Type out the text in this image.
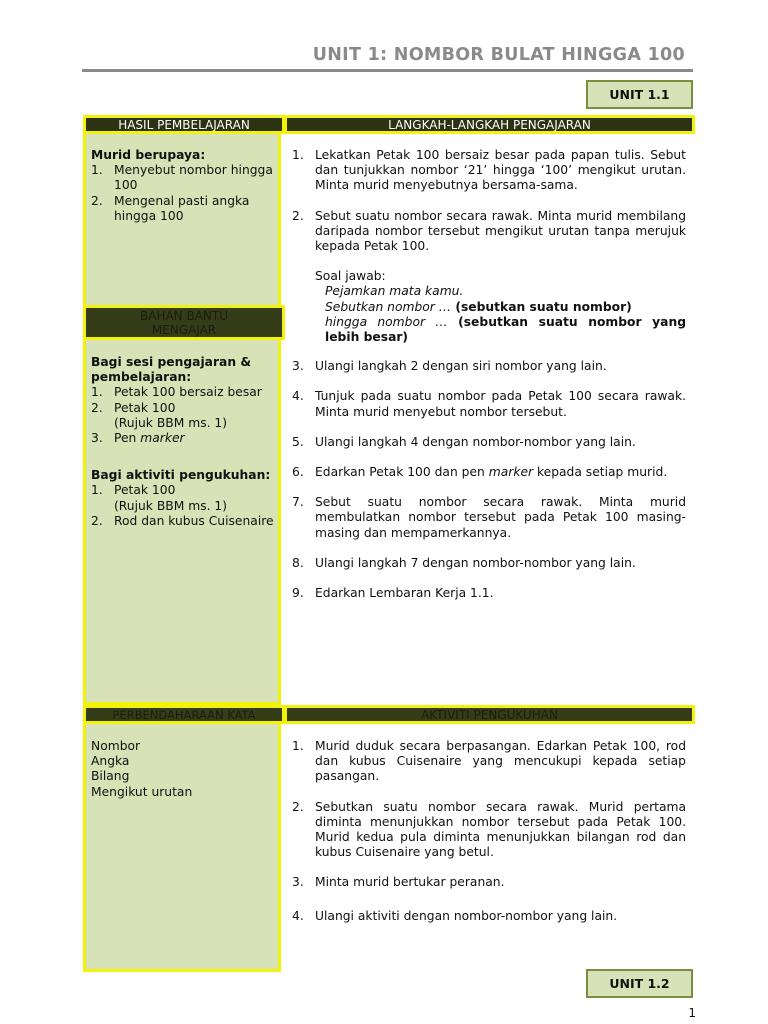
UNIT 1: NOMBOR BULAT HINGGA 100
UNIT 1.1
HASIL PEMBELAJARAN	LANGKAH-LANGKAH PENGAJARAN
Murid berupaya:
1. Menyebut nombor hingga 100
2. Mengenal pasti angka hingga 100
BAHAN BANTU MENGAJAR
Bagi sesi pengajaran & pembelajaran:
1. Petak 100 bersaiz besar
2. Petak 100
(Rujuk BBM ms. 1)
3. Pen marker
Bagi aktiviti pengukuhan:
1. Petak 100
(Rujuk BBM ms. 1)
2. Rod dan kubus Cuisenaire
1. Lekatkan Petak 100 bersaiz besar pada papan tulis. Sebut dan tunjukkan nombor ‘21’ hingga ‘100’ mengikut urutan. Minta murid menyebutnya bersama-sama.
2. Sebut suatu nombor secara rawak. Minta murid membilang daripada nombor tersebut mengikut urutan tanpa merujuk kepada Petak 100.
Soal jawab:
Pejamkan mata kamu.
Sebutkan nombor … (sebutkan suatu nombor)
hingga nombor … (sebutkan suatu nombor yang lebih besar)
3. Ulangi langkah 2 dengan siri nombor yang lain.
4. Tunjuk pada suatu nombor pada Petak 100 secara rawak. Minta murid menyebut nombor tersebut.
5. Ulangi langkah 4 dengan nombor-nombor yang lain.
6. Edarkan Petak 100 dan pen marker kepada setiap murid.
7. Sebut suatu nombor secara rawak. Minta murid membulatkan nombor tersebut pada Petak 100 masing-masing dan mempamerkannya.
8. Ulangi langkah 7 dengan nombor-nombor yang lain.
9. Edarkan Lembaran Kerja 1.1.
PERBENDAHARAAN KATA	AKTIVITI PENGUKUHAN
Nombor
Angka
Bilang
Mengikut urutan
1. Murid duduk secara berpasangan. Edarkan Petak 100, rod dan kubus Cuisenaire yang mencukupi kepada setiap pasangan.
2. Sebutkan suatu nombor secara rawak. Murid pertama diminta menunjukkan nombor tersebut pada Petak 100. Murid kedua pula diminta menunjukkan bilangan rod dan kubus Cuisenaire yang betul.
3. Minta murid bertukar peranan.
4. Ulangi aktiviti dengan nombor-nombor yang lain.
UNIT 1.2
1
